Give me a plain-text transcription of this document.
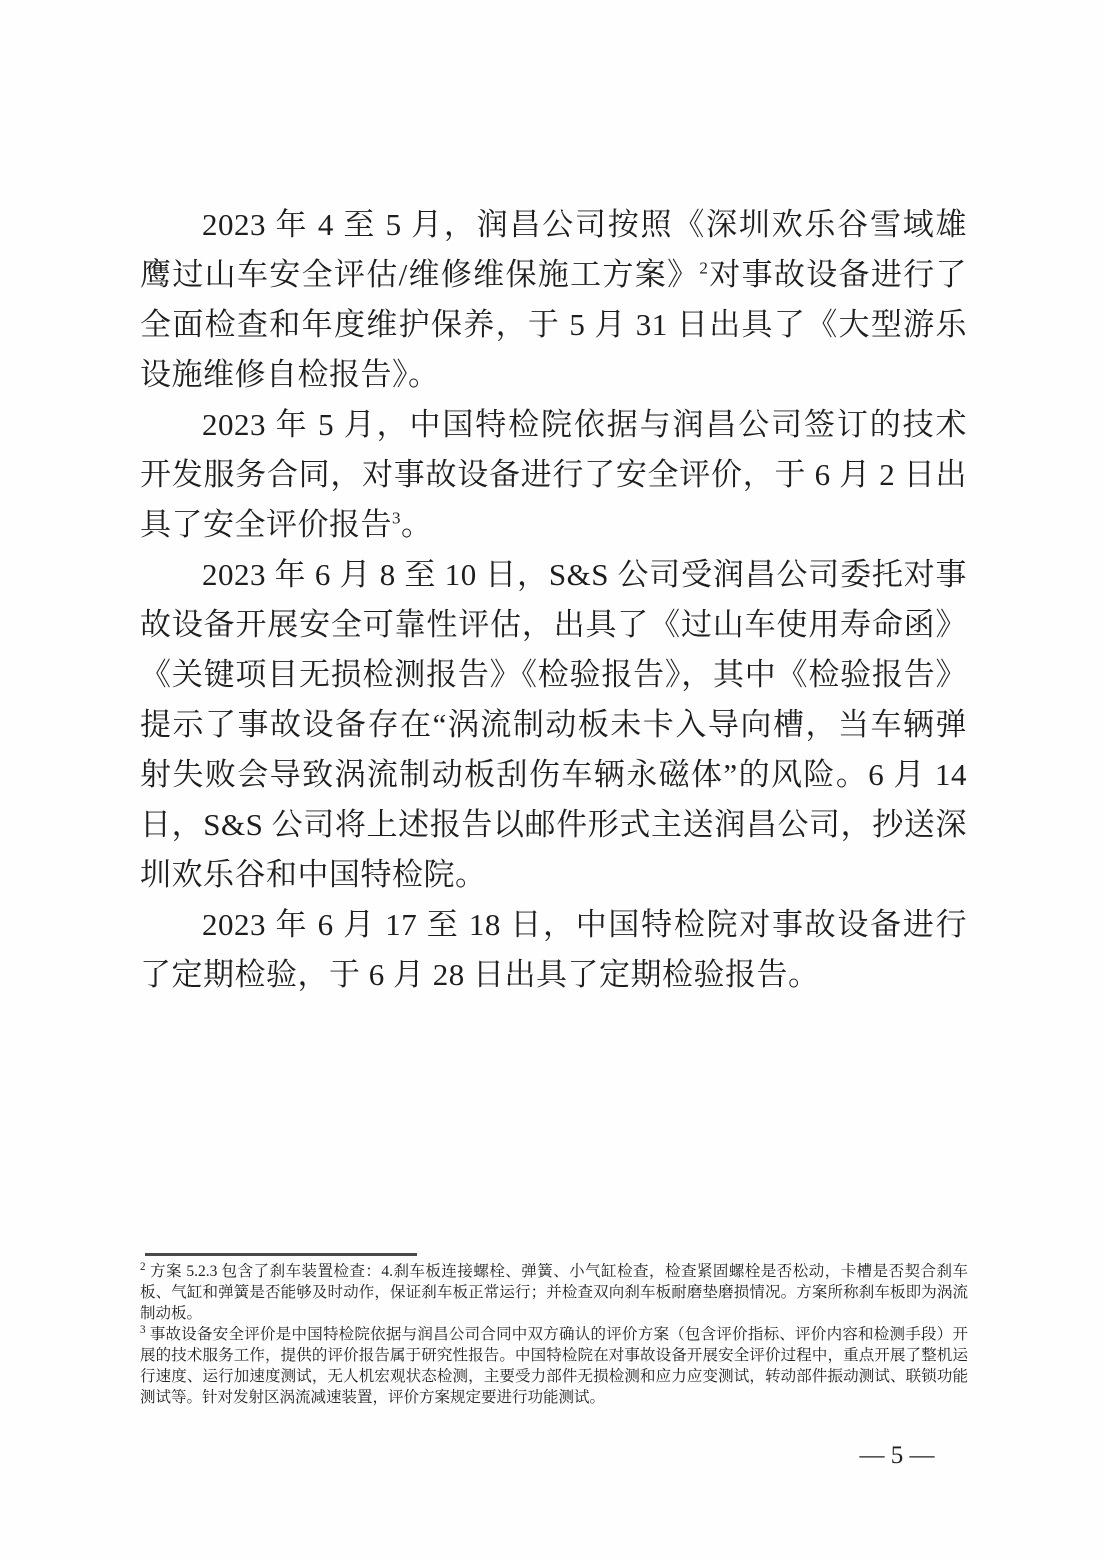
2023 年 4 至 5 月，润昌公司按照《深圳欢乐谷雪域雄鹰过山车安全评估/维修维保施工方案》$^2$对事故设备进行了全面检查和年度维护保养，于 5 月 31 日出具了《大型游乐设施维修自检报告》。

2023 年 5 月，中国特检院依据与润昌公司签订的技术开发服务合同，对事故设备进行了安全评价，于 6 月 2 日出具了安全评价报告$^3$。

2023 年 6 月 8 至 10 日，S&S 公司受润昌公司委托对事故设备开展安全可靠性评估，出具了《过山车使用寿命函》《关键项目无损检测报告》《检验报告》，其中《检验报告》提示了事故设备存在“涡流制动板未卡入导向槽，当车辆弹射失败会导致涡流制动板刮伤车辆永磁体”的风险。6 月 14 日，S&S 公司将上述报告以邮件形式主送润昌公司，抄送深圳欢乐谷和中国特检院。

2023 年 6 月 17 至 18 日，中国特检院对事故设备进行了定期检验，于 6 月 28 日出具了定期检验报告。

$^2$ 方案 5.2.3 包含了刹车装置检查：4.刹车板连接螺栓、弹簧、小气缸检查，检查紧固螺栓是否松动，卡槽是否契合刹车板、气缸和弹簧是否能够及时动作，保证刹车板正常运行；并检查双向刹车板耐磨垫磨损情况。方案所称刹车板即为涡流制动板。

$^3$ 事故设备安全评价是中国特检院依据与润昌公司合同中双方确认的评价方案（包含评价指标、评价内容和检测手段）开展的技术服务工作，提供的评价报告属于研究性报告。中国特检院在对事故设备开展安全评价过程中，重点开展了整机运行速度、运行加速度测试，无人机宏观状态检测，主要受力部件无损检测和应力应变测试，转动部件振动测试、联锁功能测试等。针对发射区涡流减速装置，评价方案规定要进行功能测试。

— 5 —
